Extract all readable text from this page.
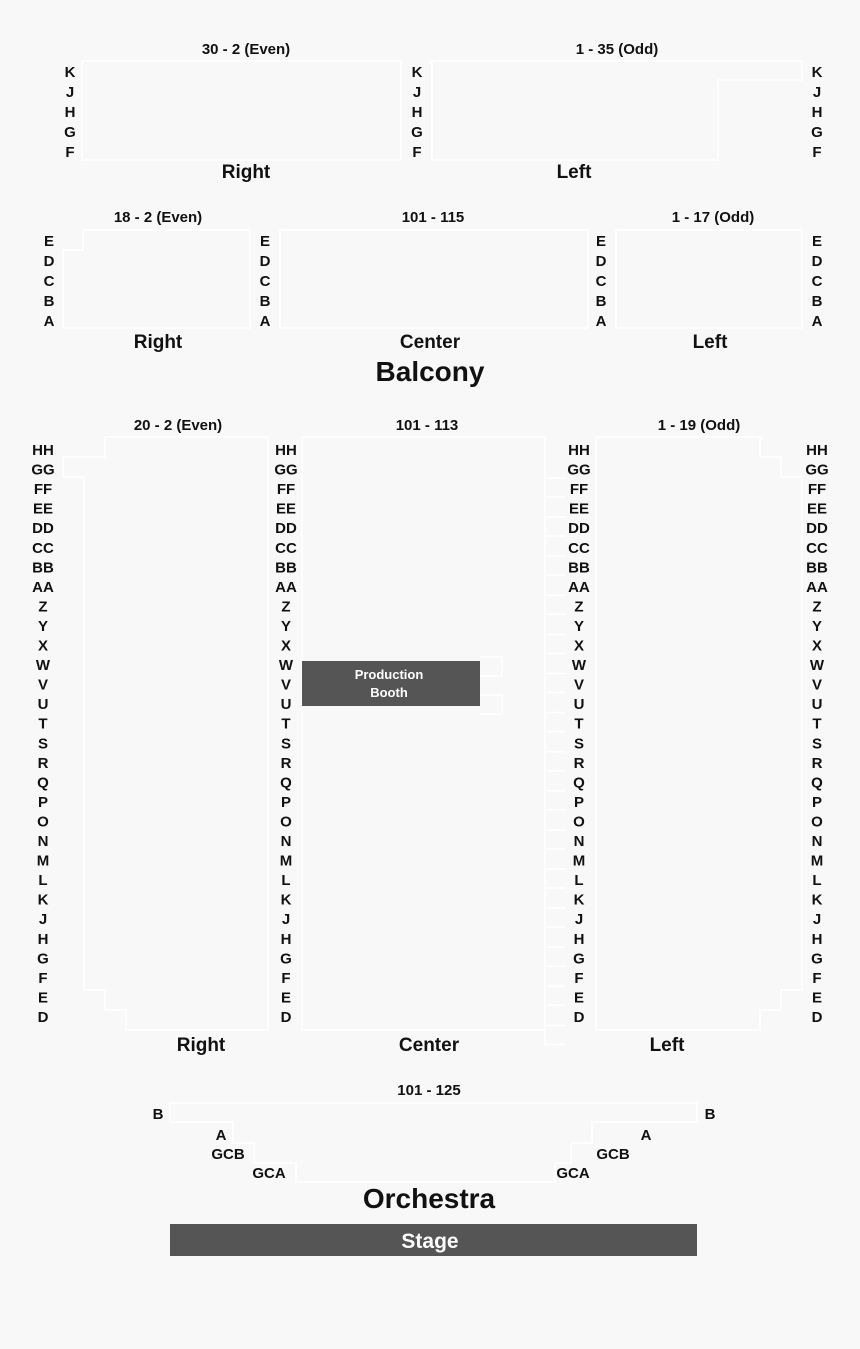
30 - 2 (Even)	1 - 35 (Odd)
K
J
H
G
F
K
J
H
G
F
K
J
H
G
F
Right	Left
18 - 2 (Even)	101 - 115	1 - 17 (Odd)
E
D
C
B
A
E
D
C
B
A
E
D
C
B
A
E
D
C
B
A
Right	Center	Left
Balcony
20 - 2 (Even)	101 - 113	1 - 19 (Odd)
HH
GG
FF
EE
DD
CC
BB
AA
Z
Y
X
W
V
U
T
S
R
Q
P
O
N
M
L
K
J
H
G
F
E
D
HH
GG
FF
EE
DD
CC
BB
AA
Z
Y
X
W
V
U
T
S
R
Q
P
O
N
M
L
K
J
H
G
F
E
D
HH
GG
FF
EE
DD
CC
BB
AA
Z
Y
X
W
V
U
T
S
R
Q
P
O
N
M
L
K
J
H
G
F
E
D
HH
GG
FF
EE
DD
CC
BB
AA
Z
Y
X
W
V
U
T
S
R
Q
P
O
N
M
L
K
J
H
G
F
E
D
Production
Booth
Right	Center	Left
101 - 125
B	B
A	A
GCB	GCB
GCA	GCA
Orchestra
Stage
